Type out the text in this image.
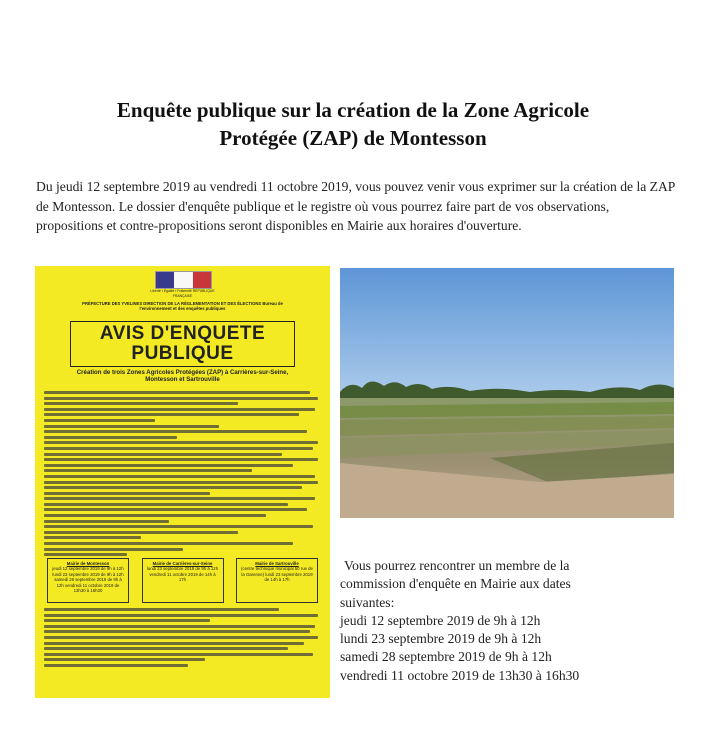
Enquête publique sur la création de la Zone Agricole
Protégée (ZAP) de Montesson
Du jeudi 12 septembre 2019 au vendredi 11 octobre 2019, vous pouvez venir vous exprimer sur la création de la ZAP de Montesson. Le dossier d'enquête publique et le registre où vous pourrez faire part de vos observations, propositions et contre-propositions seront disponibles en Mairie aux horaires d'ouverture.
Liberté • Égalité • Fraternité RÉPUBLIQUE FRANÇAISE
PRÉFECTURE DES YVELINES DIRECTION DE LA RÉGLEMENTATION ET DES ÉLECTIONS Bureau de l'environnement et des enquêtes publiques
AVIS D'ENQUETE
PUBLIQUE
Création de trois Zones Agricoles Protégées (ZAP) à Carrières-sur-Seine, Montesson et Sartrouville
Mairie de Montesson
jeudi 12 septembre 2019 de 9h à 12h lundi 23 septembre 2019 de 9h à 12h samedi 28 septembre 2019 de 9h à 12h vendredi 11 octobre 2019 de 13h30 à 16h30
Mairie de Carrières-sur-Seine
lundi 23 septembre 2019 de 9h à 12h vendredi 11 octobre 2019 de 14h à 17h
Mairie de Sartrouville
(centre technique municipal 50 rue de la Garenne) lundi 23 septembre 2019 de 14h à 17h
Vous pourrez rencontrer un membre de la
commission d'enquête en Mairie aux dates
suivantes:
jeudi 12 septembre 2019 de 9h à 12h
lundi 23 septembre 2019 de 9h à 12h
samedi 28 septembre 2019 de 9h à 12h
vendredi 11 octobre 2019 de 13h30 à 16h30
